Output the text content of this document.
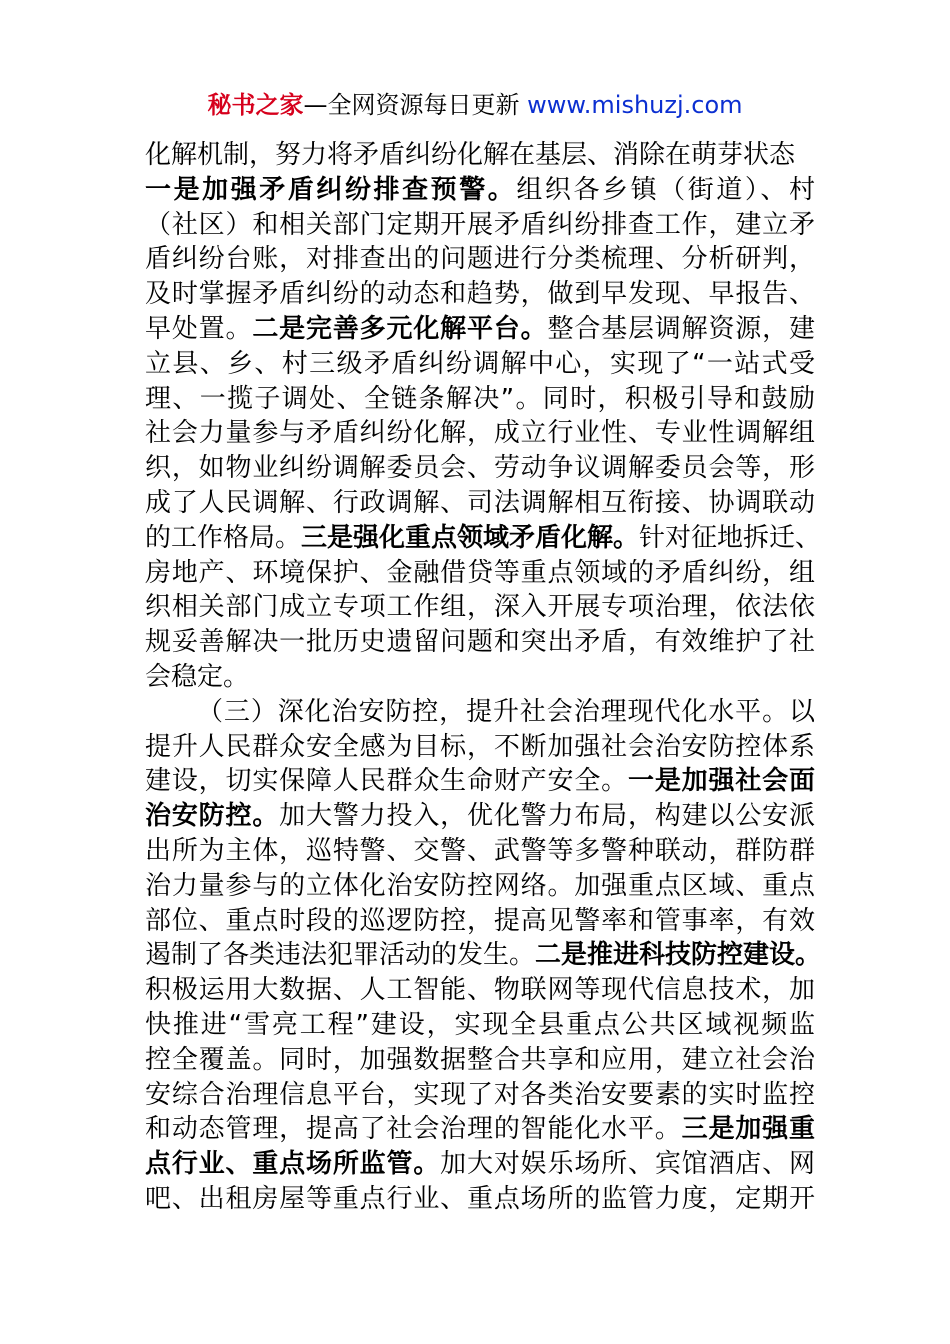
秘书之家—全网资源每日更新 www.mishuzj.com
化解机制，努力将矛盾纠纷化解在基层、消除在萌芽状态
一是加强矛盾纠纷排查预警。组织各乡镇（街道）、村
（社区）和相关部门定期开展矛盾纠纷排查工作，建立矛
盾纠纷台账，对排查出的问题进行分类梳理、分析研判，
及时掌握矛盾纠纷的动态和趋势，做到早发现、早报告、
早处置。二是完善多元化解平台。整合基层调解资源，建
立县、乡、村三级矛盾纠纷调解中心，实现了“一站式受
理、一揽子调处、全链条解决”。同时，积极引导和鼓励
社会力量参与矛盾纠纷化解，成立行业性、专业性调解组
织，如物业纠纷调解委员会、劳动争议调解委员会等，形
成了人民调解、行政调解、司法调解相互衔接、协调联动
的工作格局。三是强化重点领域矛盾化解。针对征地拆迁、
房地产、环境保护、金融借贷等重点领域的矛盾纠纷，组
织相关部门成立专项工作组，深入开展专项治理，依法依
规妥善解决一批历史遗留问题和突出矛盾，有效维护了社
会稳定。
（三）深化治安防控，提升社会治理现代化水平。以
提升人民群众安全感为目标，不断加强社会治安防控体系
建设，切实保障人民群众生命财产安全。一是加强社会面
治安防控。加大警力投入，优化警力布局，构建以公安派
出所为主体，巡特警、交警、武警等多警种联动，群防群
治力量参与的立体化治安防控网络。加强重点区域、重点
部位、重点时段的巡逻防控，提高见警率和管事率，有效
遏制了各类违法犯罪活动的发生。二是推进科技防控建设。
积极运用大数据、人工智能、物联网等现代信息技术，加
快推进“雪亮工程”建设，实现全县重点公共区域视频监
控全覆盖。同时，加强数据整合共享和应用，建立社会治
安综合治理信息平台，实现了对各类治安要素的实时监控
和动态管理，提高了社会治理的智能化水平。三是加强重
点行业、重点场所监管。加大对娱乐场所、宾馆酒店、网
吧、出租房屋等重点行业、重点场所的监管力度，定期开
